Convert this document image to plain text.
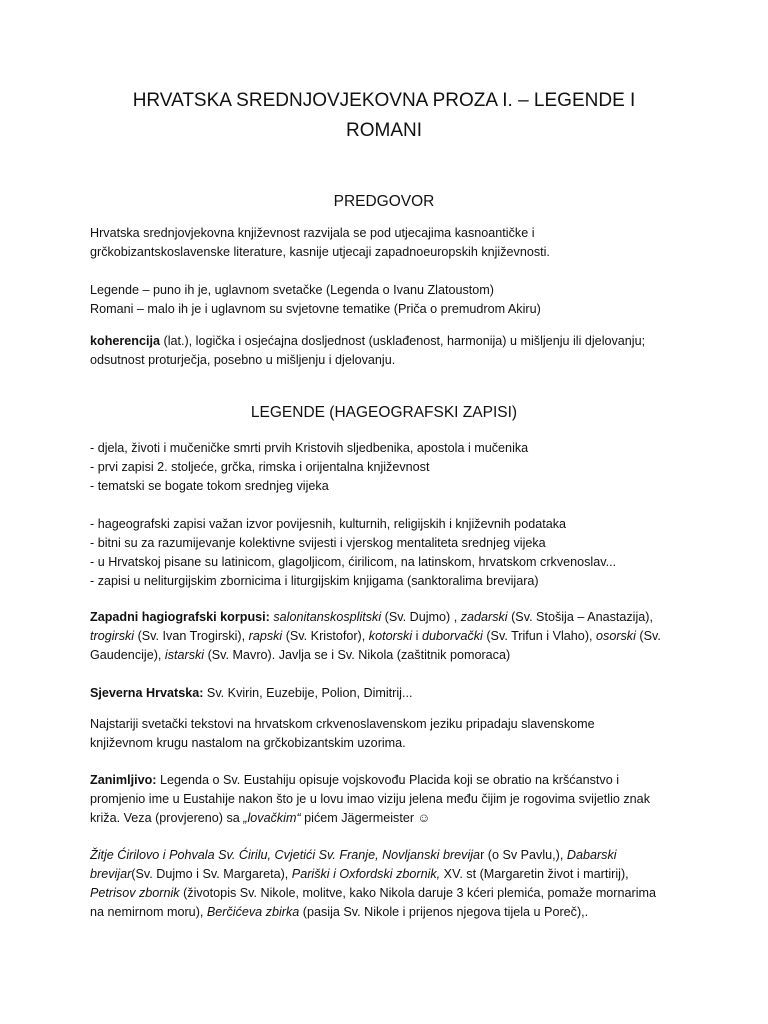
HRVATSKA SREDNJOVJEKOVNA PROZA I. – LEGENDE I
ROMANI
PREDGOVOR
Hrvatska srednjovjekovna književnost razvijala se pod utjecajima kasnoantičke i
grčkobizantskoslavenske literature, kasnije utjecaji zapadnoeuropskih književnosti.
Legende – puno ih je, uglavnom svetačke (Legenda o Ivanu Zlatoustom)
Romani – malo ih je i uglavnom su svjetovne tematike (Priča o premudrom Akiru)
koherencija (lat.), logička i osjećajna dosljednost (usklađenost, harmonija) u mišljenju ili djelovanju;
odsutnost proturječja, posebno u mišljenju i djelovanju.
LEGENDE (HAGEOGRAFSKI ZAPISI)
- djela, životi i mučeničke smrti prvih Kristovih sljedbenika, apostola i mučenika
- prvi zapisi 2. stoljeće, grčka, rimska i orijentalna književnost
- tematski se bogate tokom srednjeg vijeka
- hageografski zapisi važan izvor povijesnih, kulturnih, religijskih i književnih podataka
- bitni su za razumijevanje kolektivne svijesti i vjerskog mentaliteta srednjeg vijeka
- u Hrvatskoj pisane su latinicom, glagoljicom, ćirilicom, na latinskom, hrvatskom crkvenoslav...
- zapisi u neliturgijskim zbornicima i liturgijskim knjigama (sanktoralima brevijara)
Zapadni hagiografski korpusi: salonitanskosplitski (Sv. Dujmo) , zadarski (Sv. Stošija – Anastazija),
trogirski (Sv. Ivan Trogirski), rapski (Sv. Kristofor), kotorski i duborvački (Sv. Trifun i Vlaho), osorski (Sv.
Gaudencije), istarski (Sv. Mavro). Javlja se i Sv. Nikola (zaštitnik pomoraca)
Sjeverna Hrvatska: Sv. Kvirin, Euzebije, Polion, Dimitrij...
Najstariji svetački tekstovi na hrvatskom crkvenoslavenskom jeziku pripadaju slavenskome
književnom krugu nastalom na grčkobizantskim uzorima.
Zanimljivo: Legenda o Sv. Eustahiju opisuje vojskovođu Placida koji se obratio na kršćanstvo i
promjenio ime u Eustahije nakon što je u lovu imao viziju jelena među čijim je rogovima svijetlio znak
križa. Veza (provjereno) sa „lovačkim“ pićem Jägermeister ☺
Žitje Ćirilovo i Pohvala Sv. Ćirilu, Cvjetići Sv. Franje, Novljanski brevijar (o Sv Pavlu,), Dabarski
brevijar(Sv. Dujmo i Sv. Margareta), Pariški i Oxfordski zbornik, XV. st (Margaretin život i martirij),
Petrisov zbornik (životopis Sv. Nikole, molitve, kako Nikola daruje 3 kćeri plemića, pomaže mornarima
na nemirnom moru), Berčićeva zbirka (pasija Sv. Nikole i prijenos njegova tijela u Poreč),.
